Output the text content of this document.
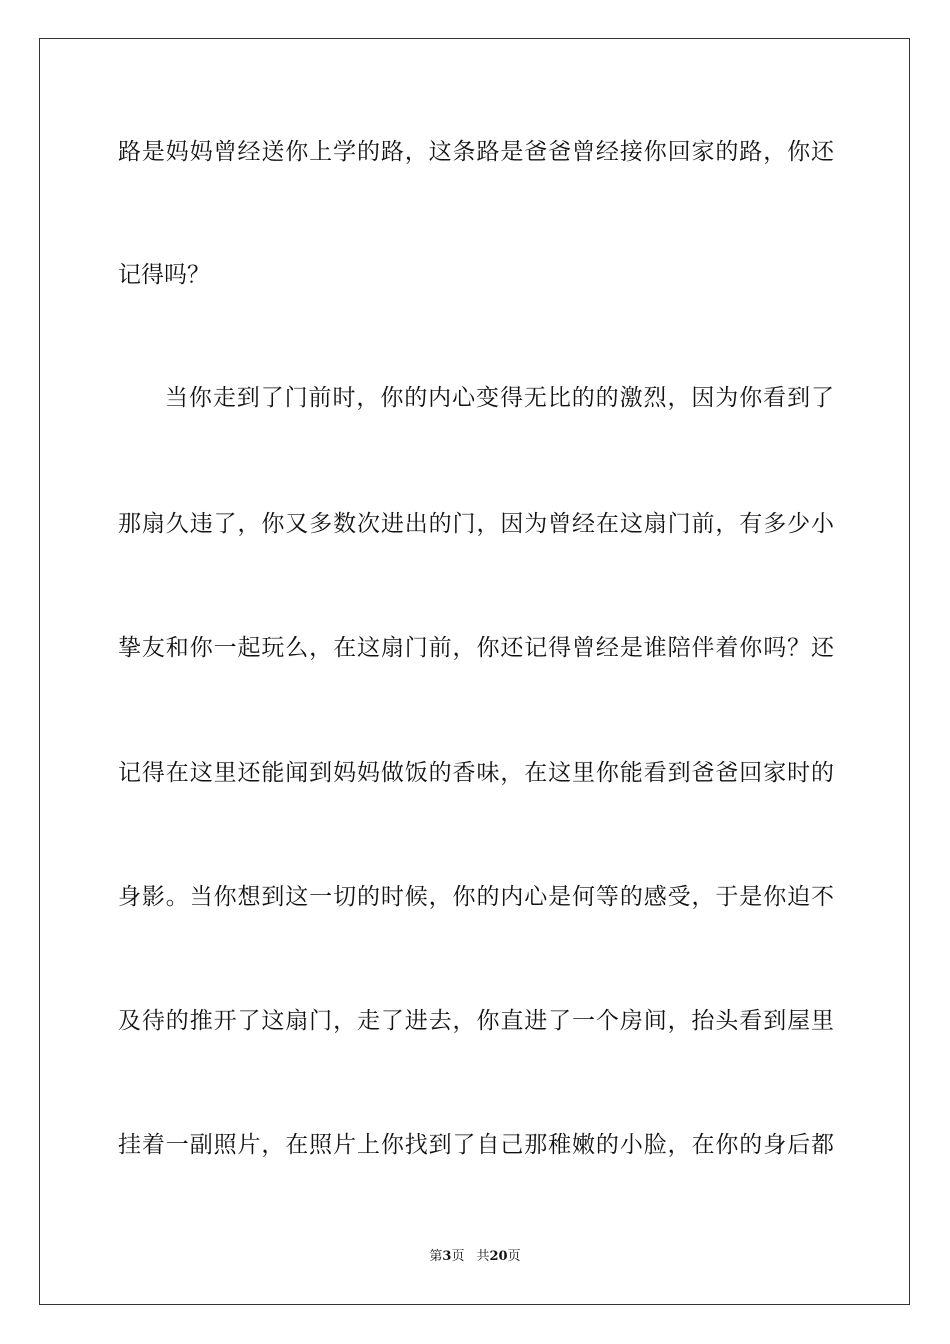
路是妈妈曾经送你上学的路，这条路是爸爸曾经接你回家的路，你还
记得吗？
当你走到了门前时，你的内心变得无比的的激烈，因为你看到了
那扇久违了，你又多数次进出的门，因为曾经在这扇门前，有多少小
挚友和你一起玩么，在这扇门前，你还记得曾经是谁陪伴着你吗？还
记得在这里还能闻到妈妈做饭的香味，在这里你能看到爸爸回家时的
身影。当你想到这一切的时候，你的内心是何等的感受，于是你迫不
及待的推开了这扇门，走了进去，你直进了一个房间，抬头看到屋里
挂着一副照片，在照片上你找到了自己那稚嫩的小脸，在你的身后都
第3页 共20页
